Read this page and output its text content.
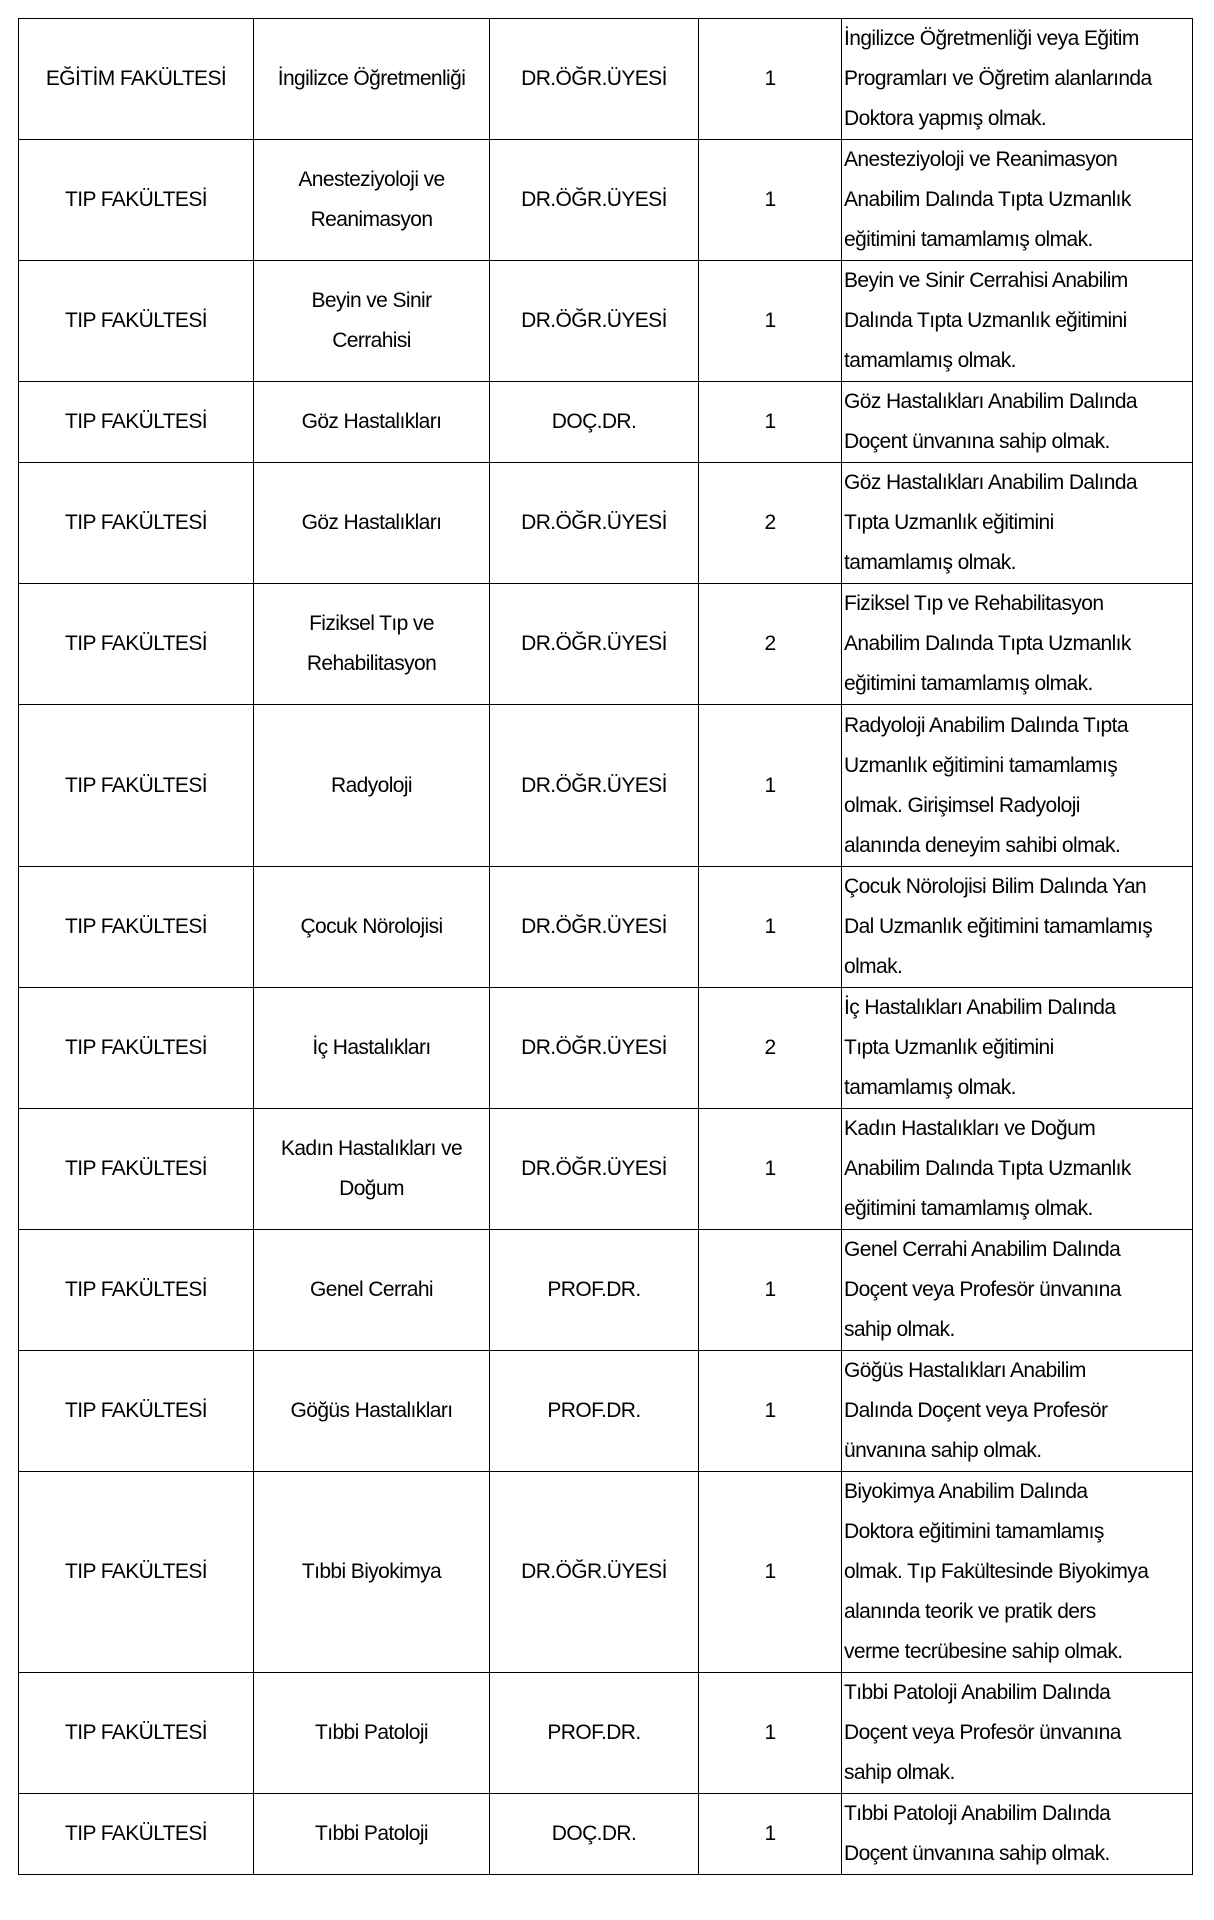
EĞİTİM FAKÜLTESİ	İngilizce Öğretmenliği	DR.ÖĞR.ÜYESİ	1	İngilizce Öğretmenliği veya Eğitim
Programları ve Öğretim alanlarında
Doktora yapmış olmak.

TIP FAKÜLTESİ	Anesteziyoloji ve
Reanimasyon	DR.ÖĞR.ÜYESİ	1	Anesteziyoloji ve Reanimasyon
Anabilim Dalında Tıpta Uzmanlık
eğitimini tamamlamış olmak.

TIP FAKÜLTESİ	Beyin ve Sinir
Cerrahisi	DR.ÖĞR.ÜYESİ	1	Beyin ve Sinir Cerrahisi Anabilim
Dalında Tıpta Uzmanlık eğitimini
tamamlamış olmak.

TIP FAKÜLTESİ	Göz Hastalıkları	DOÇ.DR.	1	Göz Hastalıkları Anabilim Dalında
Doçent ünvanına sahip olmak.

TIP FAKÜLTESİ	Göz Hastalıkları	DR.ÖĞR.ÜYESİ	2	Göz Hastalıkları Anabilim Dalında
Tıpta Uzmanlık eğitimini
tamamlamış olmak.

TIP FAKÜLTESİ	Fiziksel Tıp ve
Rehabilitasyon	DR.ÖĞR.ÜYESİ	2	Fiziksel Tıp ve Rehabilitasyon
Anabilim Dalında Tıpta Uzmanlık
eğitimini tamamlamış olmak.

TIP FAKÜLTESİ	Radyoloji	DR.ÖĞR.ÜYESİ	1	Radyoloji Anabilim Dalında Tıpta
Uzmanlık eğitimini tamamlamış
olmak. Girişimsel Radyoloji
alanında deneyim sahibi olmak.

TIP FAKÜLTESİ	Çocuk Nörolojisi	DR.ÖĞR.ÜYESİ	1	Çocuk Nörolojisi Bilim Dalında Yan
Dal Uzmanlık eğitimini tamamlamış
olmak.

TIP FAKÜLTESİ	İç Hastalıkları	DR.ÖĞR.ÜYESİ	2	İç Hastalıkları Anabilim Dalında
Tıpta Uzmanlık eğitimini
tamamlamış olmak.

TIP FAKÜLTESİ	Kadın Hastalıkları ve
Doğum	DR.ÖĞR.ÜYESİ	1	Kadın Hastalıkları ve Doğum
Anabilim Dalında Tıpta Uzmanlık
eğitimini tamamlamış olmak.

TIP FAKÜLTESİ	Genel Cerrahi	PROF.DR.	1	Genel Cerrahi Anabilim Dalında
Doçent veya Profesör ünvanına
sahip olmak.

TIP FAKÜLTESİ	Göğüs Hastalıkları	PROF.DR.	1	Göğüs Hastalıkları Anabilim
Dalında Doçent veya Profesör
ünvanına sahip olmak.

TIP FAKÜLTESİ	Tıbbi Biyokimya	DR.ÖĞR.ÜYESİ	1	Biyokimya Anabilim Dalında
Doktora eğitimini tamamlamış
olmak. Tıp Fakültesinde Biyokimya
alanında teorik ve pratik ders
verme tecrübesine sahip olmak.

TIP FAKÜLTESİ	Tıbbi Patoloji	PROF.DR.	1	Tıbbi Patoloji Anabilim Dalında
Doçent veya Profesör ünvanına
sahip olmak.

TIP FAKÜLTESİ	Tıbbi Patoloji	DOÇ.DR.	1	Tıbbi Patoloji Anabilim Dalında
Doçent ünvanına sahip olmak.
